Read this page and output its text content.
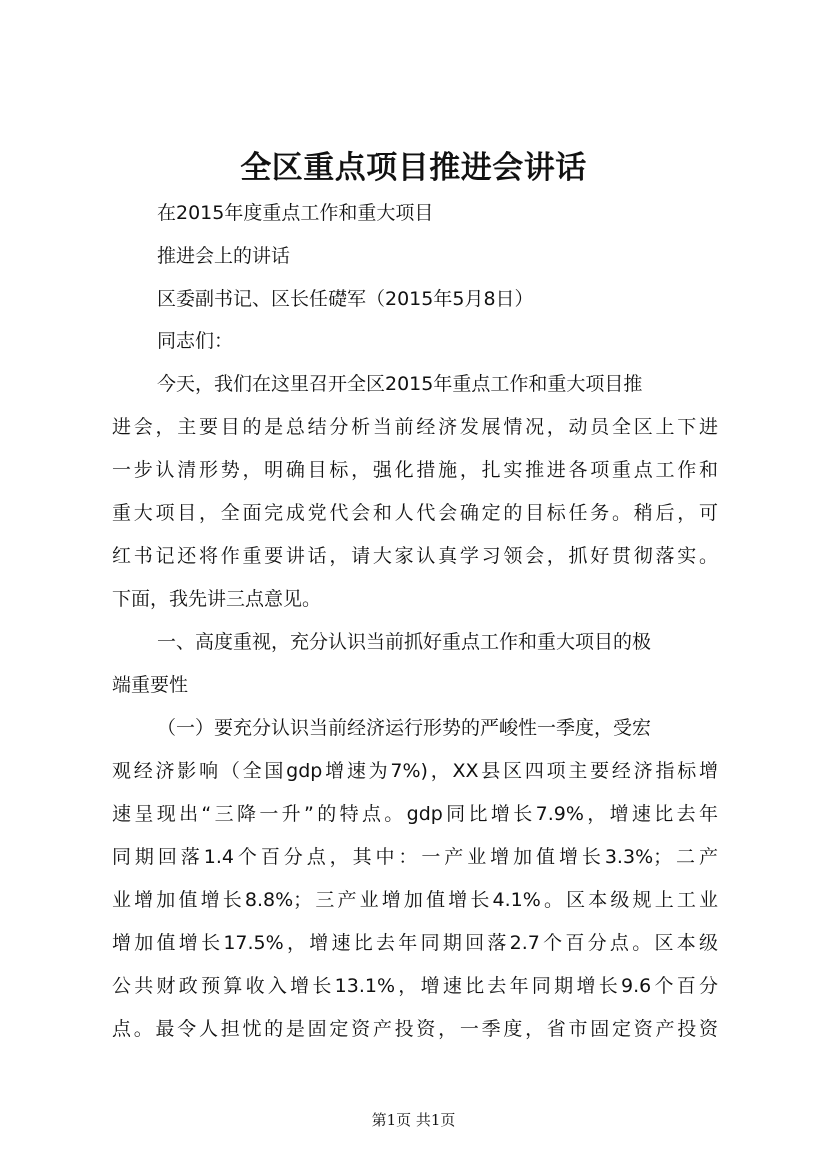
全区重点项目推进会讲话
在2015年度重点工作和重大项目
推进会上的讲话
区委副书记、区长任礎军（2015年5月8日）
同志们：
今天，我们在这里召开全区2015年重点工作和重大项目推
进会，主要目的是总结分析当前经济发展情况，动员全区上下进
一步认清形势，明确目标，强化措施，扎实推进各项重点工作和
重大项目，全面完成党代会和人代会确定的目标任务。稍后，可
红书记还将作重要讲话，请大家认真学习领会，抓好贯彻落实。
下面，我先讲三点意见。
一、高度重视，充分认识当前抓好重点工作和重大项目的极
端重要性
（一）要充分认识当前经济运行形势的严峻性一季度，受宏
观经济影响（全国gdp增速为7%)，XX县区四项主要经济指标增
速呈现出“三降一升”的特点。gdp同比增长7.9%，增速比去年
同期回落1.4个百分点，其中：一产业增加值增长3.3%；二产
业增加值增长8.8%；三产业增加值增长4.1%。区本级规上工业
增加值增长17.5%，增速比去年同期回落2.7个百分点。区本级
公共财政预算收入增长13.1%，增速比去年同期增长9.6个百分
点。最令人担忧的是固定资产投资，一季度，省市固定资产投资
第1页 共1页
